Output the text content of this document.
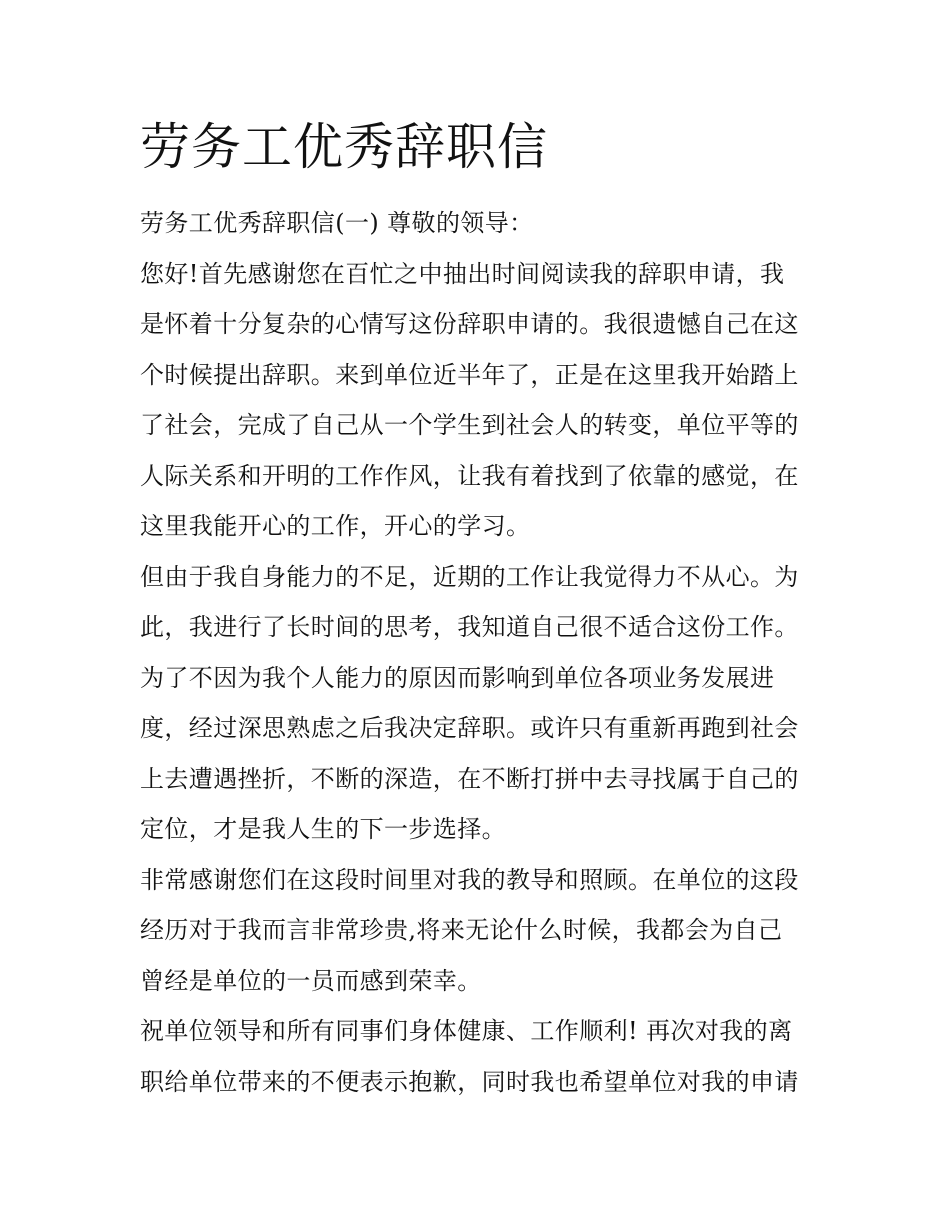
劳务工优秀辞职信
劳务工优秀辞职信(一) 尊敬的领导：
您好!首先感谢您在百忙之中抽出时间阅读我的辞职申请，我
是怀着十分复杂的心情写这份辞职申请的。我很遗憾自己在这
个时候提出辞职。来到单位近半年了，正是在这里我开始踏上
了社会，完成了自己从一个学生到社会人的转变，单位平等的
人际关系和开明的工作作风，让我有着找到了依靠的感觉，在
这里我能开心的工作，开心的学习。
但由于我自身能力的不足，近期的工作让我觉得力不从心。为
此，我进行了长时间的思考，我知道自己很不适合这份工作。
为了不因为我个人能力的原因而影响到单位各项业务发展进
度，经过深思熟虑之后我决定辞职。或许只有重新再跑到社会
上去遭遇挫折，不断的深造，在不断打拼中去寻找属于自己的
定位，才是我人生的下一步选择。
非常感谢您们在这段时间里对我的教导和照顾。在单位的这段
经历对于我而言非常珍贵,将来无论什么时候，我都会为自己
曾经是单位的一员而感到荣幸。
祝单位领导和所有同事们身体健康、工作顺利! 再次对我的离
职给单位带来的不便表示抱歉，同时我也希望单位对我的申请
